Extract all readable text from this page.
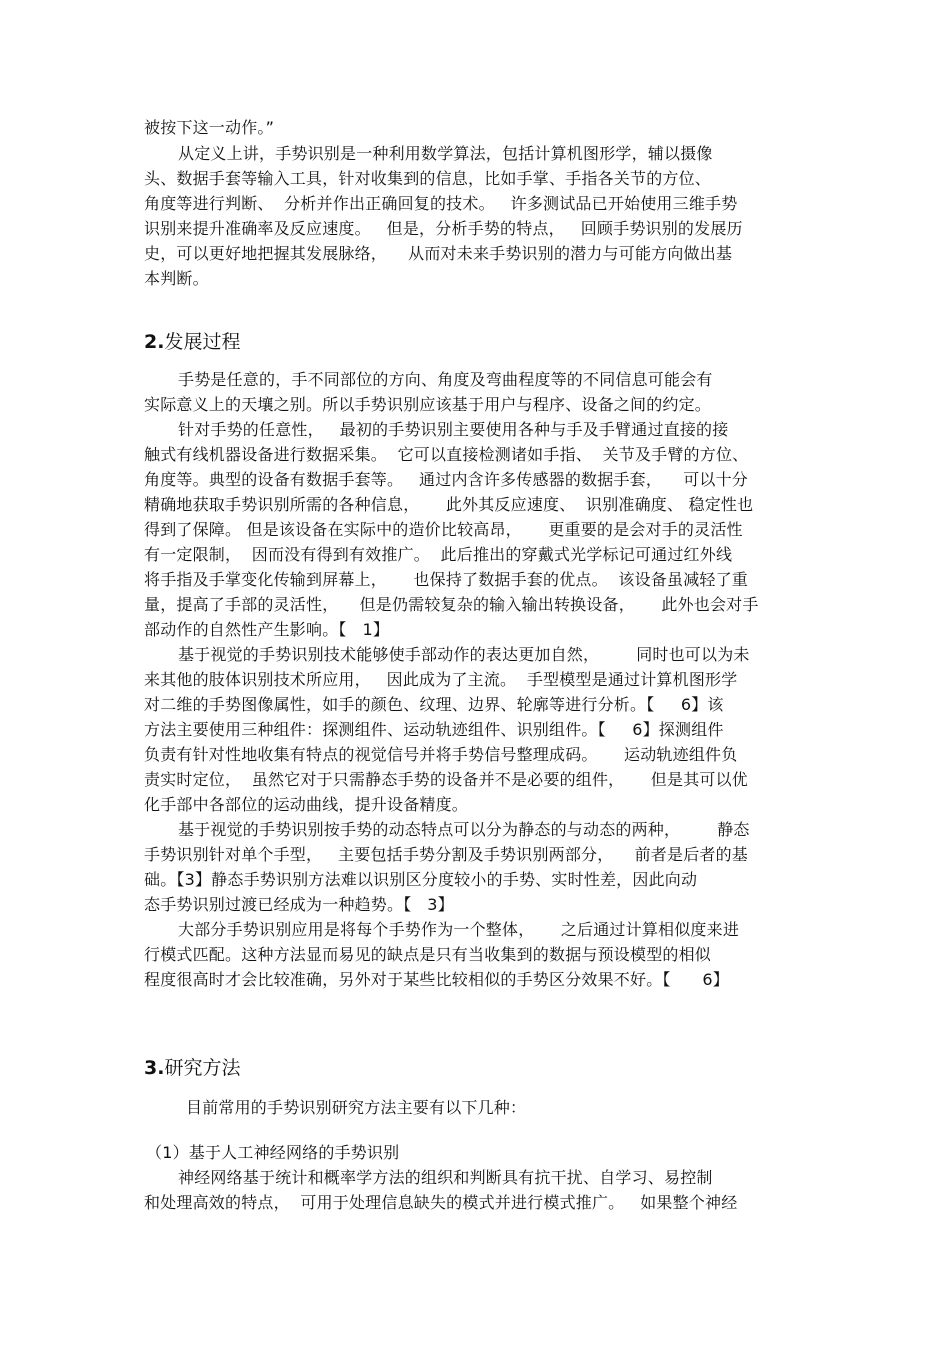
被按下这一动作。”
从定义上讲，手势识别是一种利用数学算法，包括计算机图形学，辅以摄像
头、数据手套等输入工具，针对收集到的信息，比如手掌、手指各关节的方位、
角度等进行判断、  分析并作出正确回复的技术。   许多测试品已开始使用三维手势
识别来提升准确率及反应速度。   但是，分析手势的特点，   回顾手势识别的发展历
史，可以更好地把握其发展脉络，    从而对未来手势识别的潜力与可能方向做出基
本判断。
2.发展过程
手势是任意的，手不同部位的方向、角度及弯曲程度等的不同信息可能会有
实际意义上的天壤之别。所以手势识别应该基于用户与程序、设备之间的约定。
针对手势的任意性，   最初的手势识别主要使用各种与手及手臂通过直接的接
触式有线机器设备进行数据采集。  它可以直接检测诸如手指、  关节及手臂的方位、
角度等。典型的设备有数据手套等。   通过内含许多传感器的数据手套，    可以十分
精确地获取手势识别所需的各种信息，     此外其反应速度、  识别准确度、 稳定性也
得到了保障。 但是该设备在实际中的造价比较高昂，     更重要的是会对手的灵活性
有一定限制，  因而没有得到有效推广。  此后推出的穿戴式光学标记可通过红外线
将手指及手掌变化传输到屏幕上，     也保持了数据手套的优点。  该设备虽减轻了重
量，提高了手部的灵活性，    但是仍需较复杂的输入输出转换设备，     此外也会对手
部动作的自然性产生影响。【   1】
基于视觉的手势识别技术能够使手部动作的表达更加自然，       同时也可以为未
来其他的肢体识别技术所应用，   因此成为了主流。  手型模型是通过计算机图形学
对二维的手势图像属性，如手的颜色、纹理、边界、轮廓等进行分析。【     6】该
方法主要使用三种组件：探测组件、运动轨迹组件、识别组件。【     6】探测组件
负责有针对性地收集有特点的视觉信号并将手势信号整理成码。     运动轨迹组件负
责实时定位，  虽然它对于只需静态手势的设备并不是必要的组件，     但是其可以优
化手部中各部位的运动曲线，提升设备精度。
基于视觉的手势识别按手势的动态特点可以分为静态的与动态的两种，       静态
手势识别针对单个手型，   主要包括手势分割及手势识别两部分，    前者是后者的基
础。【3】静态手势识别方法难以识别区分度较小的手势、实时性差，因此向动
态手势识别过渡已经成为一种趋势。【   3】
大部分手势识别应用是将每个手势作为一个整体，     之后通过计算相似度来进
行模式匹配。这种方法显而易见的缺点是只有当收集到的数据与预设模型的相似
程度很高时才会比较准确，另外对于某些比较相似的手势区分效果不好。【      6】
3.研究方法
目前常用的手势识别研究方法主要有以下几种：
（1）基于人工神经网络的手势识别
神经网络基于统计和概率学方法的组织和判断具有抗干扰、自学习、易控制
和处理高效的特点，  可用于处理信息缺失的模式并进行模式推广。   如果整个神经
